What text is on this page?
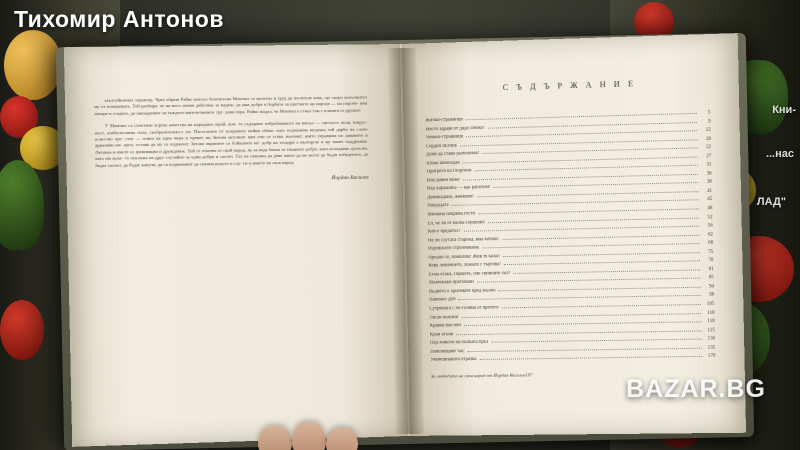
заългуйнатият характер. Чрез образа Райко внесъл безизкъсна Момчил се наситил в труд да посителя хова, що скоро изпълнител му от измерената. Той разбира, че на него лични действие за надеж- да има добре в борбата за щастието на народа — на поробе- ния овларе и стадите, да завладеният си тъждото напечетвените тру- дови хора. Райко жадал, че Момчил е стнал там с плачата се дружил.

У Момчил са съчетани хортва качества на народния герой, кои- то съдържат избрабананото на мисъл — светлост, воля, изкрус- ност, алабилосмена сила, съобразителност ум. Пастелиите от искраните нейни обаче, като подченени величка той дарби на слово освество пре- стаг — освен на една меря и пренет ни Зитова актовият ням очи се стана жалчият, която управима по диканите и дрвалани ни- цаги, остава да му се подмахат. Затова окрипите се бойковите не- добр на тозадри е възторгае и му зашет поддръжка. Лагикка и имете се зрениаяцва и друждение. Той се отказва от свой народ, не за вода битка за твоаните добро, като иследаяне душа ни, като им воля- то поклажа на друг случайно за един добри и сполет. Тът не пикеяна да деяа чаито да не могат да бъдат избедените, да бъдат сполет, да бъдат кикули, да са подвижавит да съкини родото и слу- ги и анкете на своя народ.

Йордан Василев
С Ъ Д Ъ Р Ж А Н И Е
Жички-стръвници
5
Нисто здраве от дядо Пенко!
9
Чемеш-стръвници
12
Сердоп пътник
20
Доме да стави разбойник!
22
Юнак шенокдан
27
Пригрета на Георгени
31
Вой дивеи неже
36
Над Баръшика — как работим!
38
Демикадани, женкони!
41
Накурдата
45
Минжна покрива гости
48
Ел, че ли се кална Гершени!
52
Кой е предатъз?
56
Не ли слугата старика, яма читаш!
62
Родовските стръчникина
68
Предай се, помилим! Жив те казал
75
Кова лешението, ложало с търгова!
78
Ехма етака, Гершете, сме свинияте зъл?
81
Мъмчжаки прогизани
85
Вьдието е хритевате кред жълно
94
Накомит дуй
98
Сутрината с по-голяма от вретето
105
Леган ножани
110
Кравая наи меч
118
Край огъня
125
Пед животи на билката бръз
130
Повсмещият час
135
Укенешианата отразка
170
За свободата на своя народ от Йордан Василев 197
Тихомир Антонов
BAZAR.BG
...нас
ЛАД"
Кни-
